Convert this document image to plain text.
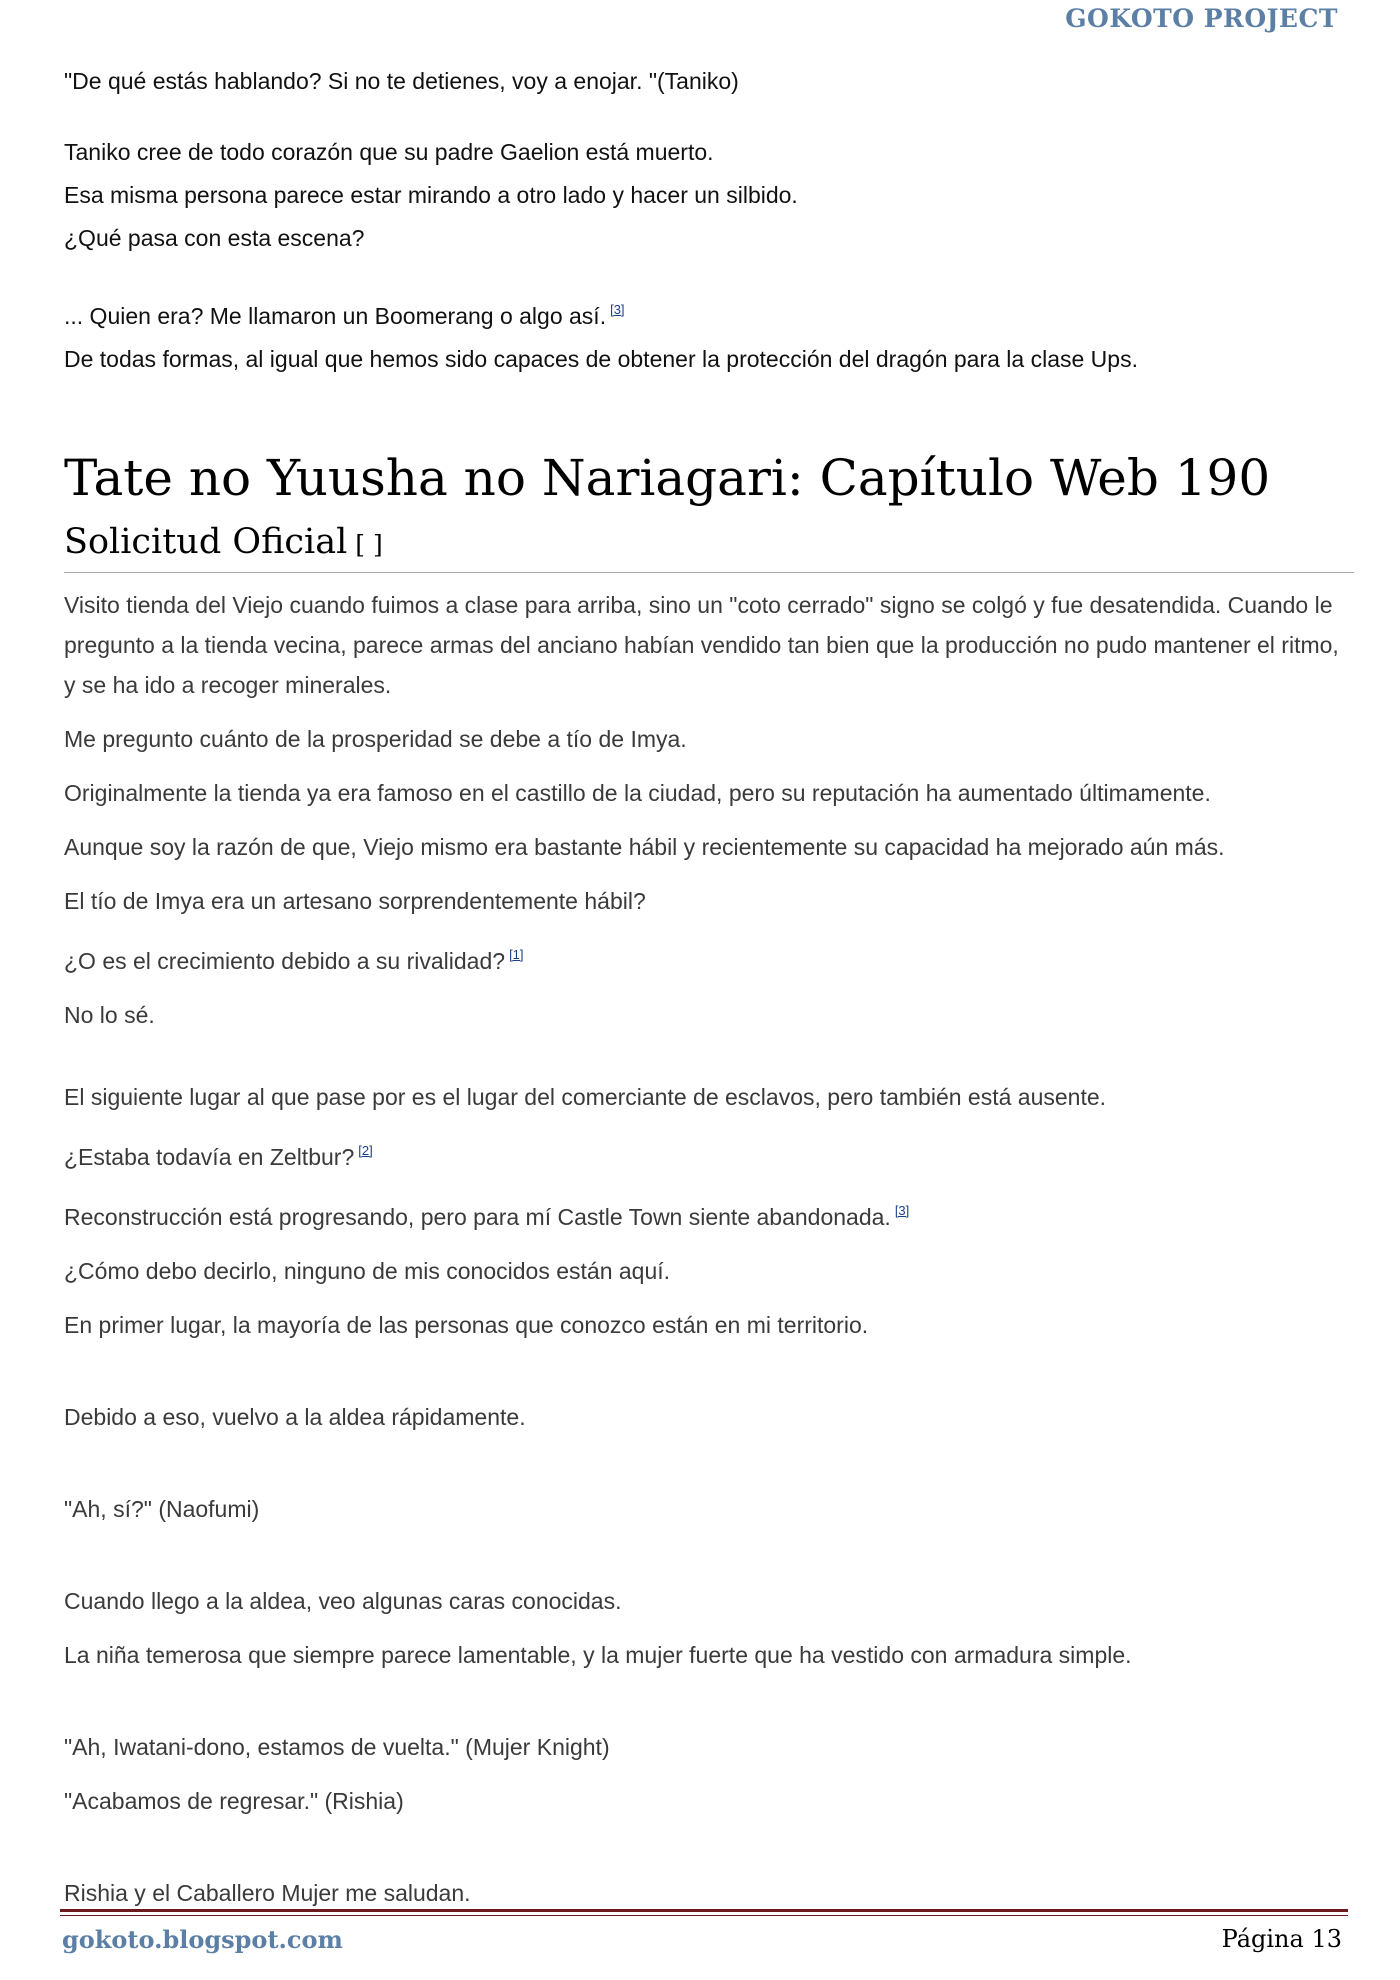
GOKOTO PROJECT

"De qué estás hablando? Si no te detienes, voy a enojar. "(Taniko)

Taniko cree de todo corazón que su padre Gaelion está muerto.

Esa misma persona parece estar mirando a otro lado y hacer un silbido.

¿Qué pasa con esta escena?

... Quien era? Me llamaron un Boomerang o algo así. [3]

De todas formas, al igual que hemos sido capaces de obtener la protección del dragón para la clase Ups.

Tate no Yuusha no Nariagari: Capítulo Web 190
Solicitud Oficial [ ]

Visito tienda del Viejo cuando fuimos a clase para arriba, sino un "coto cerrado" signo se colgó y fue desatendida. Cuando le pregunto a la tienda vecina, parece armas del anciano habían vendido tan bien que la producción no pudo mantener el ritmo, y se ha ido a recoger minerales.

Me pregunto cuánto de la prosperidad se debe a tío de Imya.

Originalmente la tienda ya era famoso en el castillo de la ciudad, pero su reputación ha aumentado últimamente.

Aunque soy la razón de que, Viejo mismo era bastante hábil y recientemente su capacidad ha mejorado aún más.

El tío de Imya era un artesano sorprendentemente hábil?

¿O es el crecimiento debido a su rivalidad? [1]

No lo sé.

El siguiente lugar al que pase por es el lugar del comerciante de esclavos, pero también está ausente.

¿Estaba todavía en Zeltbur? [2]

Reconstrucción está progresando, pero para mí Castle Town siente abandonada. [3]

¿Cómo debo decirlo, ninguno de mis conocidos están aquí.

En primer lugar, la mayoría de las personas que conozco están en mi territorio.

Debido a eso, vuelvo a la aldea rápidamente.

"Ah, sí?" (Naofumi)

Cuando llego a la aldea, veo algunas caras conocidas.

La niña temerosa que siempre parece lamentable, y la mujer fuerte que ha vestido con armadura simple.

"Ah, Iwatani-dono, estamos de vuelta." (Mujer Knight)

"Acabamos de regresar." (Rishia)

Rishia y el Caballero Mujer me saludan.

gokoto.blogspot.com	Página 13
